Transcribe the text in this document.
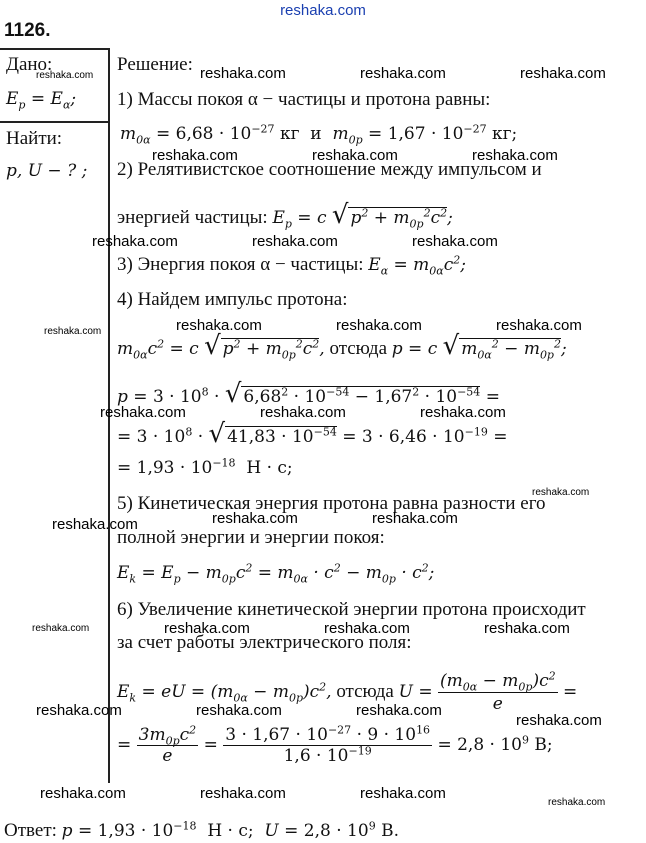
reshaka.com
1126.
Дано:
$E_p = E_\alpha$;
Найти:
p, U − ? ;
Решение:
1) Массы покоя α − частицы и протона равны:
$m_{0\alpha} = 6,68 \cdot 10^{-27}$ кг и  $m_{0p} = 1,67 \cdot 10^{-27}$ кг;
2) Релятивистское соотношение между импульсом и
энергией частицы: $E_p = c$ √ $p^2 + m_{0p}^2c^2$;
3) Энергия покоя α − частицы: $E_\alpha = m_{0\alpha}c^2$;
4) Найдем импульс протона:
$m_{0\alpha}c^2 = c$ √ $p^2 + m_{0p}^2c^2$, отсюда p = c √ $m_{0\alpha}^2 - m_{0p}^2$;
$p = 3 \cdot 10^8$ · √ $6,68^2 \cdot 10^{-54} - 1,67^2 \cdot 10^{-54}$ =
= $3 \cdot 10^8$ · √ $41,83 \cdot 10^{-54} = 3 \cdot 6,46 \cdot 10^{-19}$ =
= $1,93 \cdot 10^{-18}$  Н · с;
5) Кинетическая энергия протона равна разности его
полной энергии и энергии покоя:
$E_k = E_p - m_{0p}c^2 = m_{0\alpha} \cdot c^2 - m_{0p} \cdot c^2$;
6) Увеличение кинетической энергии протона происходит
за счет работы электрического поля:
$E_k$ = eU = $(m_{0\alpha} - m_{0p})c^2$, отсюда $U = \frac{(m_{0\alpha} - m_{0p})c^2}{e}$ =
= $\frac{3m_{0p}c^2}{e} = \frac{3 \cdot 1,67 \cdot 10^{-27} \cdot 9 \cdot 10^{16}}{1,6 \cdot 10^{-19}} = 2,8 \cdot 10^9$ В;
Ответ: $p = 1,93 \cdot 10^{-18}$  Н · с;  $U = 2,8 \cdot 10^9$ В.
reshaka.com	reshaka.com	reshaka.com	reshaka.com
reshaka.com	reshaka.com	reshaka.com
reshaka.com	reshaka.com	reshaka.com
reshaka.com	reshaka.com	reshaka.com	reshaka.com
reshaka.com	reshaka.com	reshaka.com
reshaka.com
reshaka.com	reshaka.com	reshaka.com
reshaka.com	reshaka.com	reshaka.com	reshaka.com
reshaka.com	reshaka.com	reshaka.com
reshaka.com
reshaka.com	reshaka.com	reshaka.com
reshaka.com
